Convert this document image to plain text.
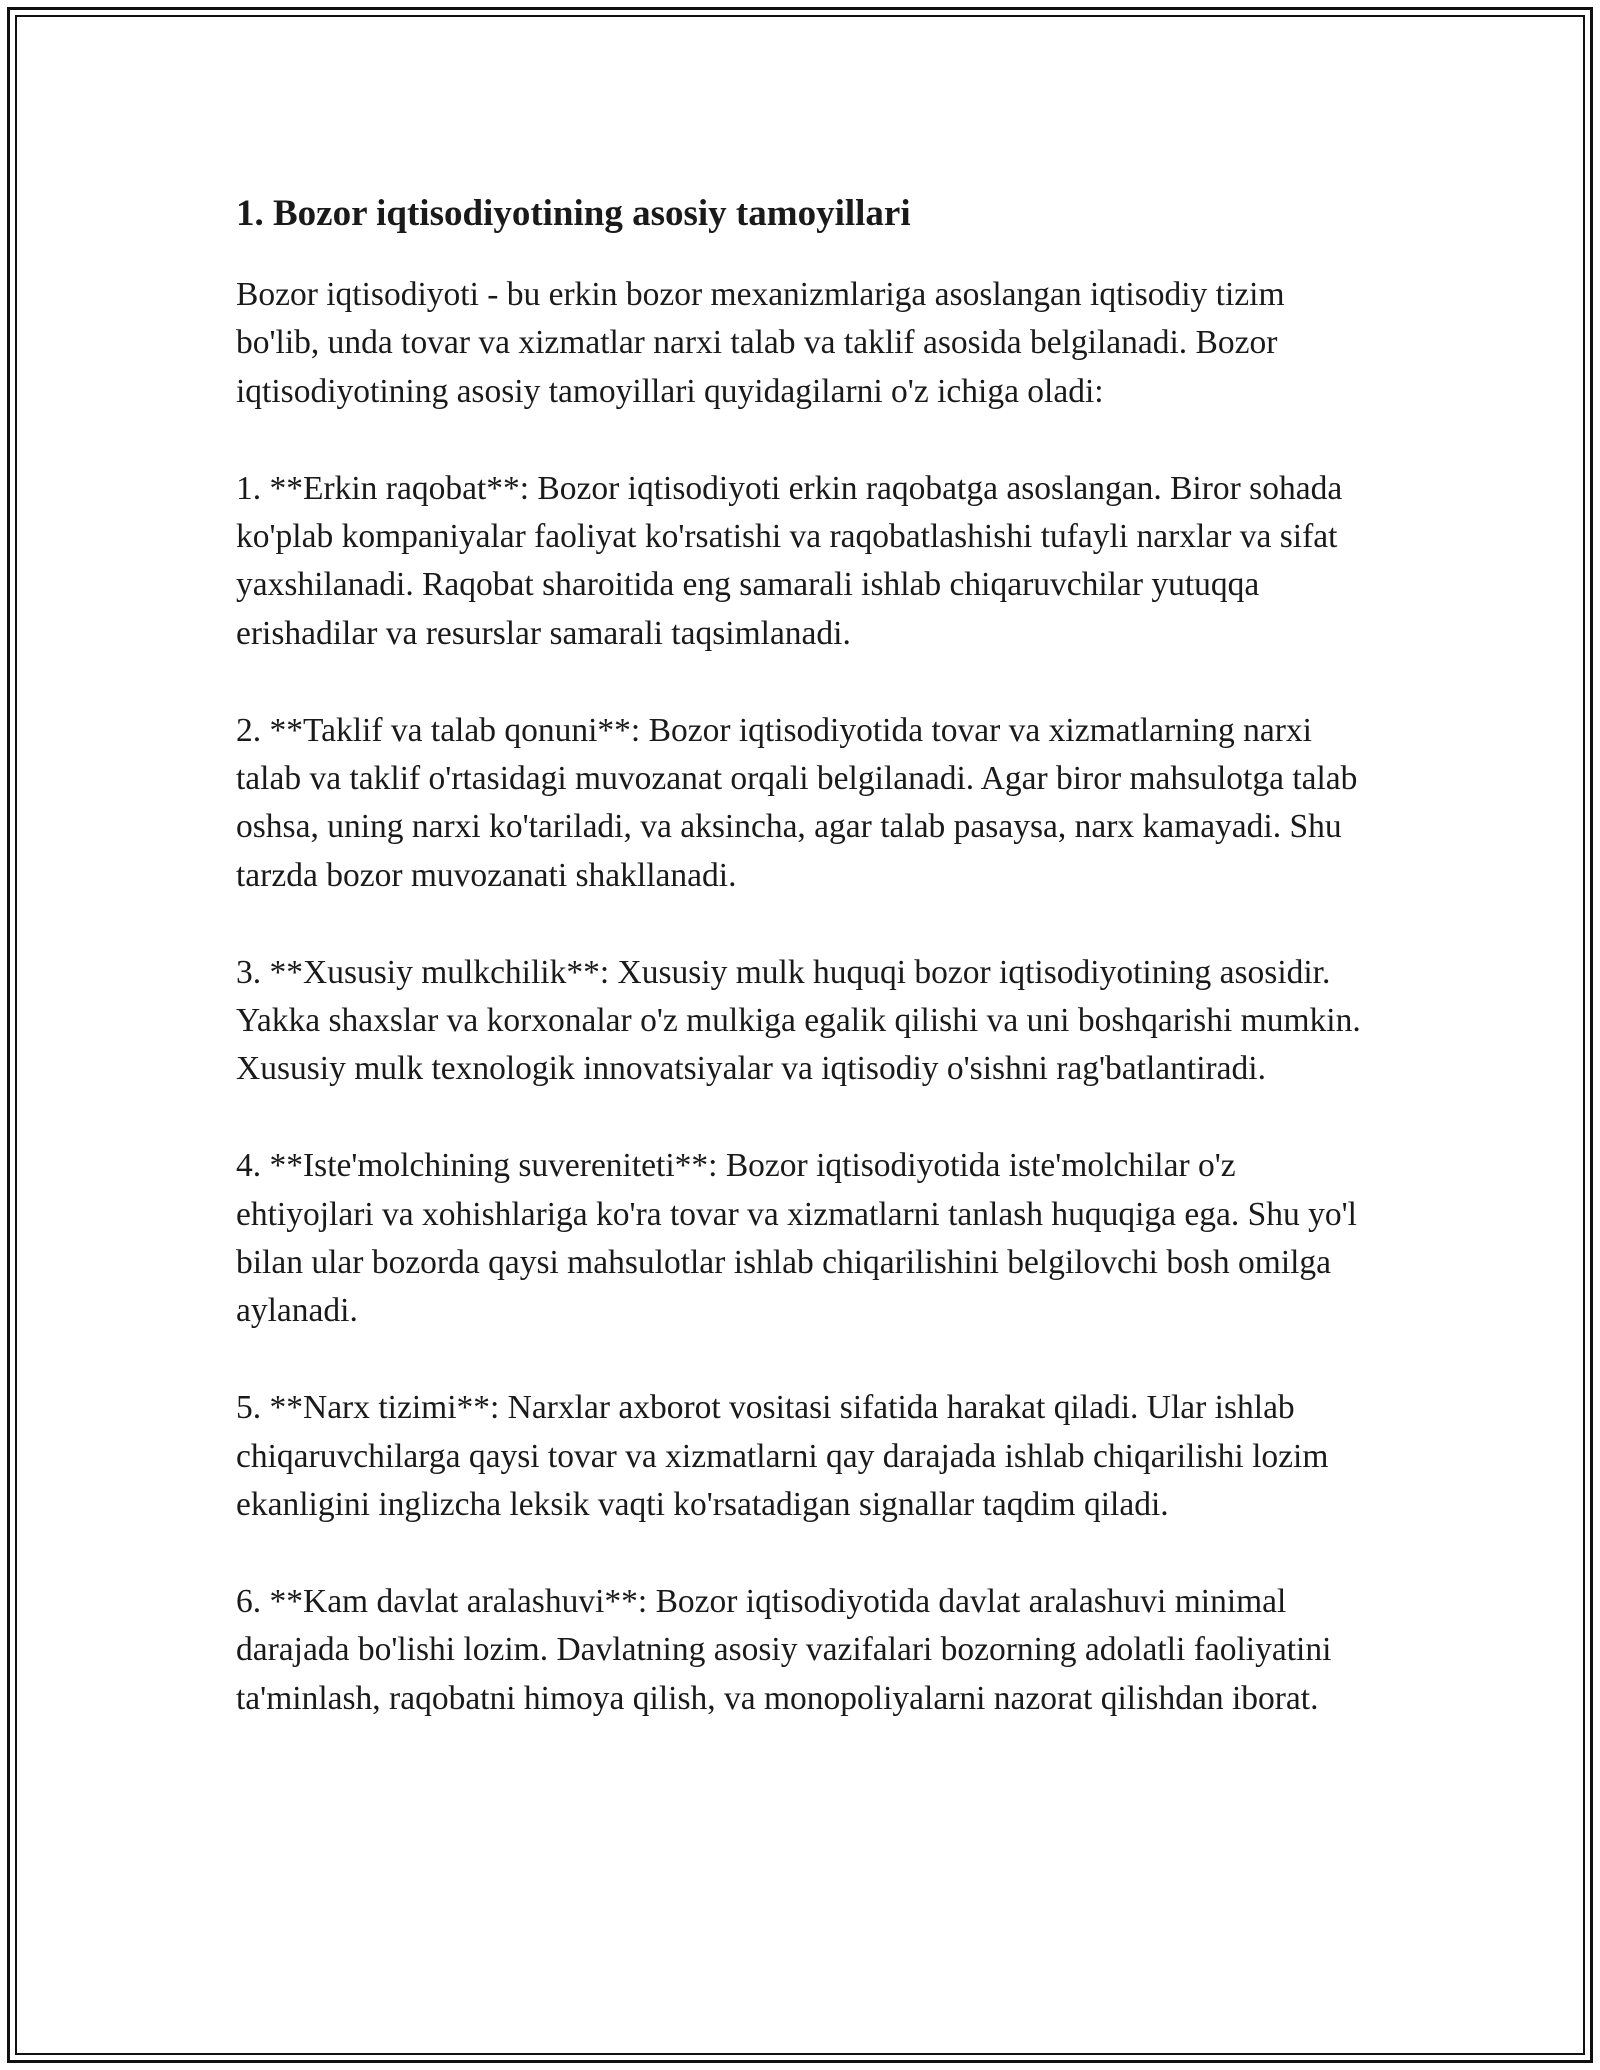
1. Bozor iqtisodiyotining asosiy tamoyillari

Bozor iqtisodiyoti - bu erkin bozor mexanizmlariga asoslangan iqtisodiy tizim bo'lib, unda tovar va xizmatlar narxi talab va taklif asosida belgilanadi. Bozor iqtisodiyotining asosiy tamoyillari quyidagilarni o'z ichiga oladi:

1. **Erkin raqobat**: Bozor iqtisodiyoti erkin raqobatga asoslangan. Biror sohada ko'plab kompaniyalar faoliyat ko'rsatishi va raqobatlashishi tufayli narxlar va sifat yaxshilanadi. Raqobat sharoitida eng samarali ishlab chiqaruvchilar yutuqqa erishadilar va resurslar samarali taqsimlanadi.

2. **Taklif va talab qonuni**: Bozor iqtisodiyotida tovar va xizmatlarning narxi talab va taklif o'rtasidagi muvozanat orqali belgilanadi. Agar biror mahsulotga talab oshsa, uning narxi ko'tariladi, va aksincha, agar talab pasaysa, narx kamayadi. Shu tarzda bozor muvozanati shakllanadi.

3. **Xususiy mulkchilik**: Xususiy mulk huquqi bozor iqtisodiyotining asosidir. Yakka shaxslar va korxonalar o'z mulkiga egalik qilishi va uni boshqarishi mumkin. Xususiy mulk texnologik innovatsiyalar va iqtisodiy o'sishni rag'batlantiradi.

4. **Iste'molchining suvereniteti**: Bozor iqtisodiyotida iste'molchilar o'z ehtiyojlari va xohishlariga ko'ra tovar va xizmatlarni tanlash huquqiga ega. Shu yo'l bilan ular bozorda qaysi mahsulotlar ishlab chiqarilishini belgilovchi bosh omilga aylanadi.

5. **Narx tizimi**: Narxlar axborot vositasi sifatida harakat qiladi. Ular ishlab chiqaruvchilarga qaysi tovar va xizmatlarni qay darajada ishlab chiqarilishi lozim ekanligini inglizcha leksik vaqti ko'rsatadigan signallar taqdim qiladi.

6. **Kam davlat aralashuvi**: Bozor iqtisodiyotida davlat aralashuvi minimal darajada bo'lishi lozim. Davlatning asosiy vazifalari bozorning adolatli faoliyatini ta'minlash, raqobatni himoya qilish, va monopoliyalarni nazorat qilishdan iborat.
